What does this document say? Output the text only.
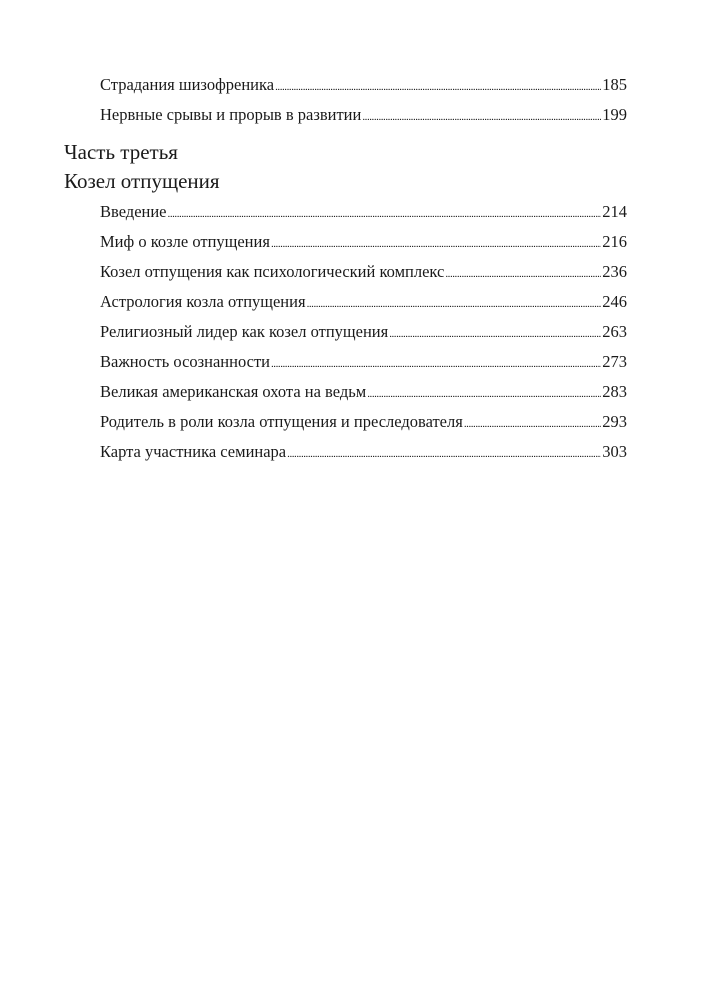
Страдания шизофреника . . .	185
Нервные срывы и прорыв в развитии . . .	199
Часть третья
Козел отпущения
Введение . . .	214
Миф о козле отпущения . . .	216
Козел отпущения как психологический комплекс . . .	236
Астрология козла отпущения . . .	246
Религиозный лидер как козел отпущения . . .	263
Важность осознанности . . .	273
Великая американская охота на ведьм . . .	283
Родитель в роли козла отпущения и преследователя . . .	293
Карта участника семинара . . .	303
